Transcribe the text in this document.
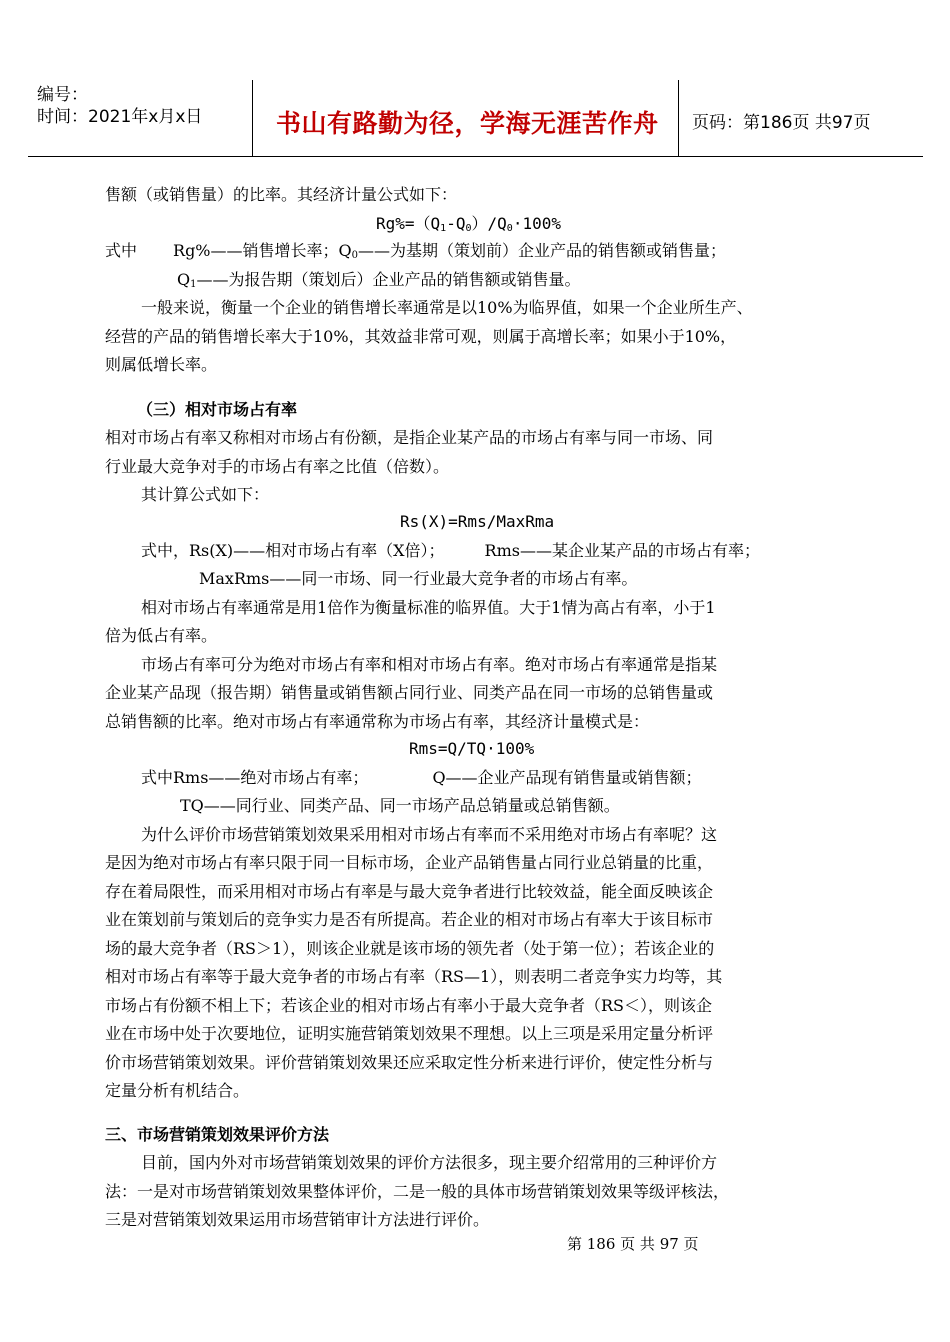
编号：
时间：2021年x月x日	书山有路勤为径，学海无涯苦作舟 页码：第186页 共97页
售额（或销售量）的比率。其经济计量公式如下：
$Rg\%=(Q_1-Q_0)/Q_0\cdot 100\%$
式中 Rg%——销售增长率；$Q_0——$为基期（策划前）企业产品的销售额或销售量；
$Q_1——$为报告期（策划后）企业产品的销售额或销售量。
一般来说，衡量一个企业的销售增长率通常是以10%为临界值，如果一个企业所生产、
经营的产品的销售增长率大于10%，其效益非常可观，则属于高增长率；如果小于10%，
则属低增长率。
（三）相对市场占有率
相对市场占有率又称相对市场占有份额，是指企业某产品的市场占有率与同一市场、同
行业最大竞争对手的市场占有率之比值（倍数）。
其计算公式如下：
Rs(X)=Rms/MaxRma
式中，Rs(X)——相对市场占有率（X倍）；	Rms——某企业某产品的市场占有率；
MaxRms——同一市场、同一行业最大竞争者的市场占有率。
相对市场占有率通常是用1倍作为衡量标准的临界值。大于1情为高占有率，小于1
倍为低占有率。
市场占有率可分为绝对市场占有率和相对市场占有率。绝对市场占有率通常是指某
企业某产品现（报告期）销售量或销售额占同行业、同类产品在同一市场的总销售量或
总销售额的比率。绝对市场占有率通常称为市场占有率，其经济计量模式是：
Rms=Q/TQ·100%
式中Rms——绝对市场占有率；	Q——企业产品现有销售量或销售额；
TQ——同行业、同类产品、同一市场产品总销量或总销售额。
为什么评价市场营销策划效果采用相对市场占有率而不采用绝对市场占有率呢？这
是因为绝对市场占有率只限于同一目标市场，企业产品销售量占同行业总销量的比重，
存在着局限性，而采用相对市场占有率是与最大竞争者进行比较效益，能全面反映该企
业在策划前与策划后的竞争实力是否有所提高。若企业的相对市场占有率大于该目标市
场的最大竞争者（RS＞1），则该企业就是该市场的领先者（处于第一位）；若该企业的
相对市场占有率等于最大竞争者的市场占有率（RS—1），则表明二者竞争实力均等，其
市场占有份额不相上下；若该企业的相对市场占有率小于最大竞争者（RS＜），则该企
业在市场中处于次要地位，证明实施营销策划效果不理想。以上三项是采用定量分析评
价市场营销策划效果。评价营销策划效果还应采取定性分析来进行评价，使定性分析与
定量分析有机结合。
三、市场营销策划效果评价方法
目前，国内外对市场营销策划效果的评价方法很多，现主要介绍常用的三种评价方
法：一是对市场营销策划效果整体评价，二是一般的具体市场营销策划效果等级评核法，
三是对营销策划效果运用市场营销审计方法进行评价。
第 186 页 共 97 页
